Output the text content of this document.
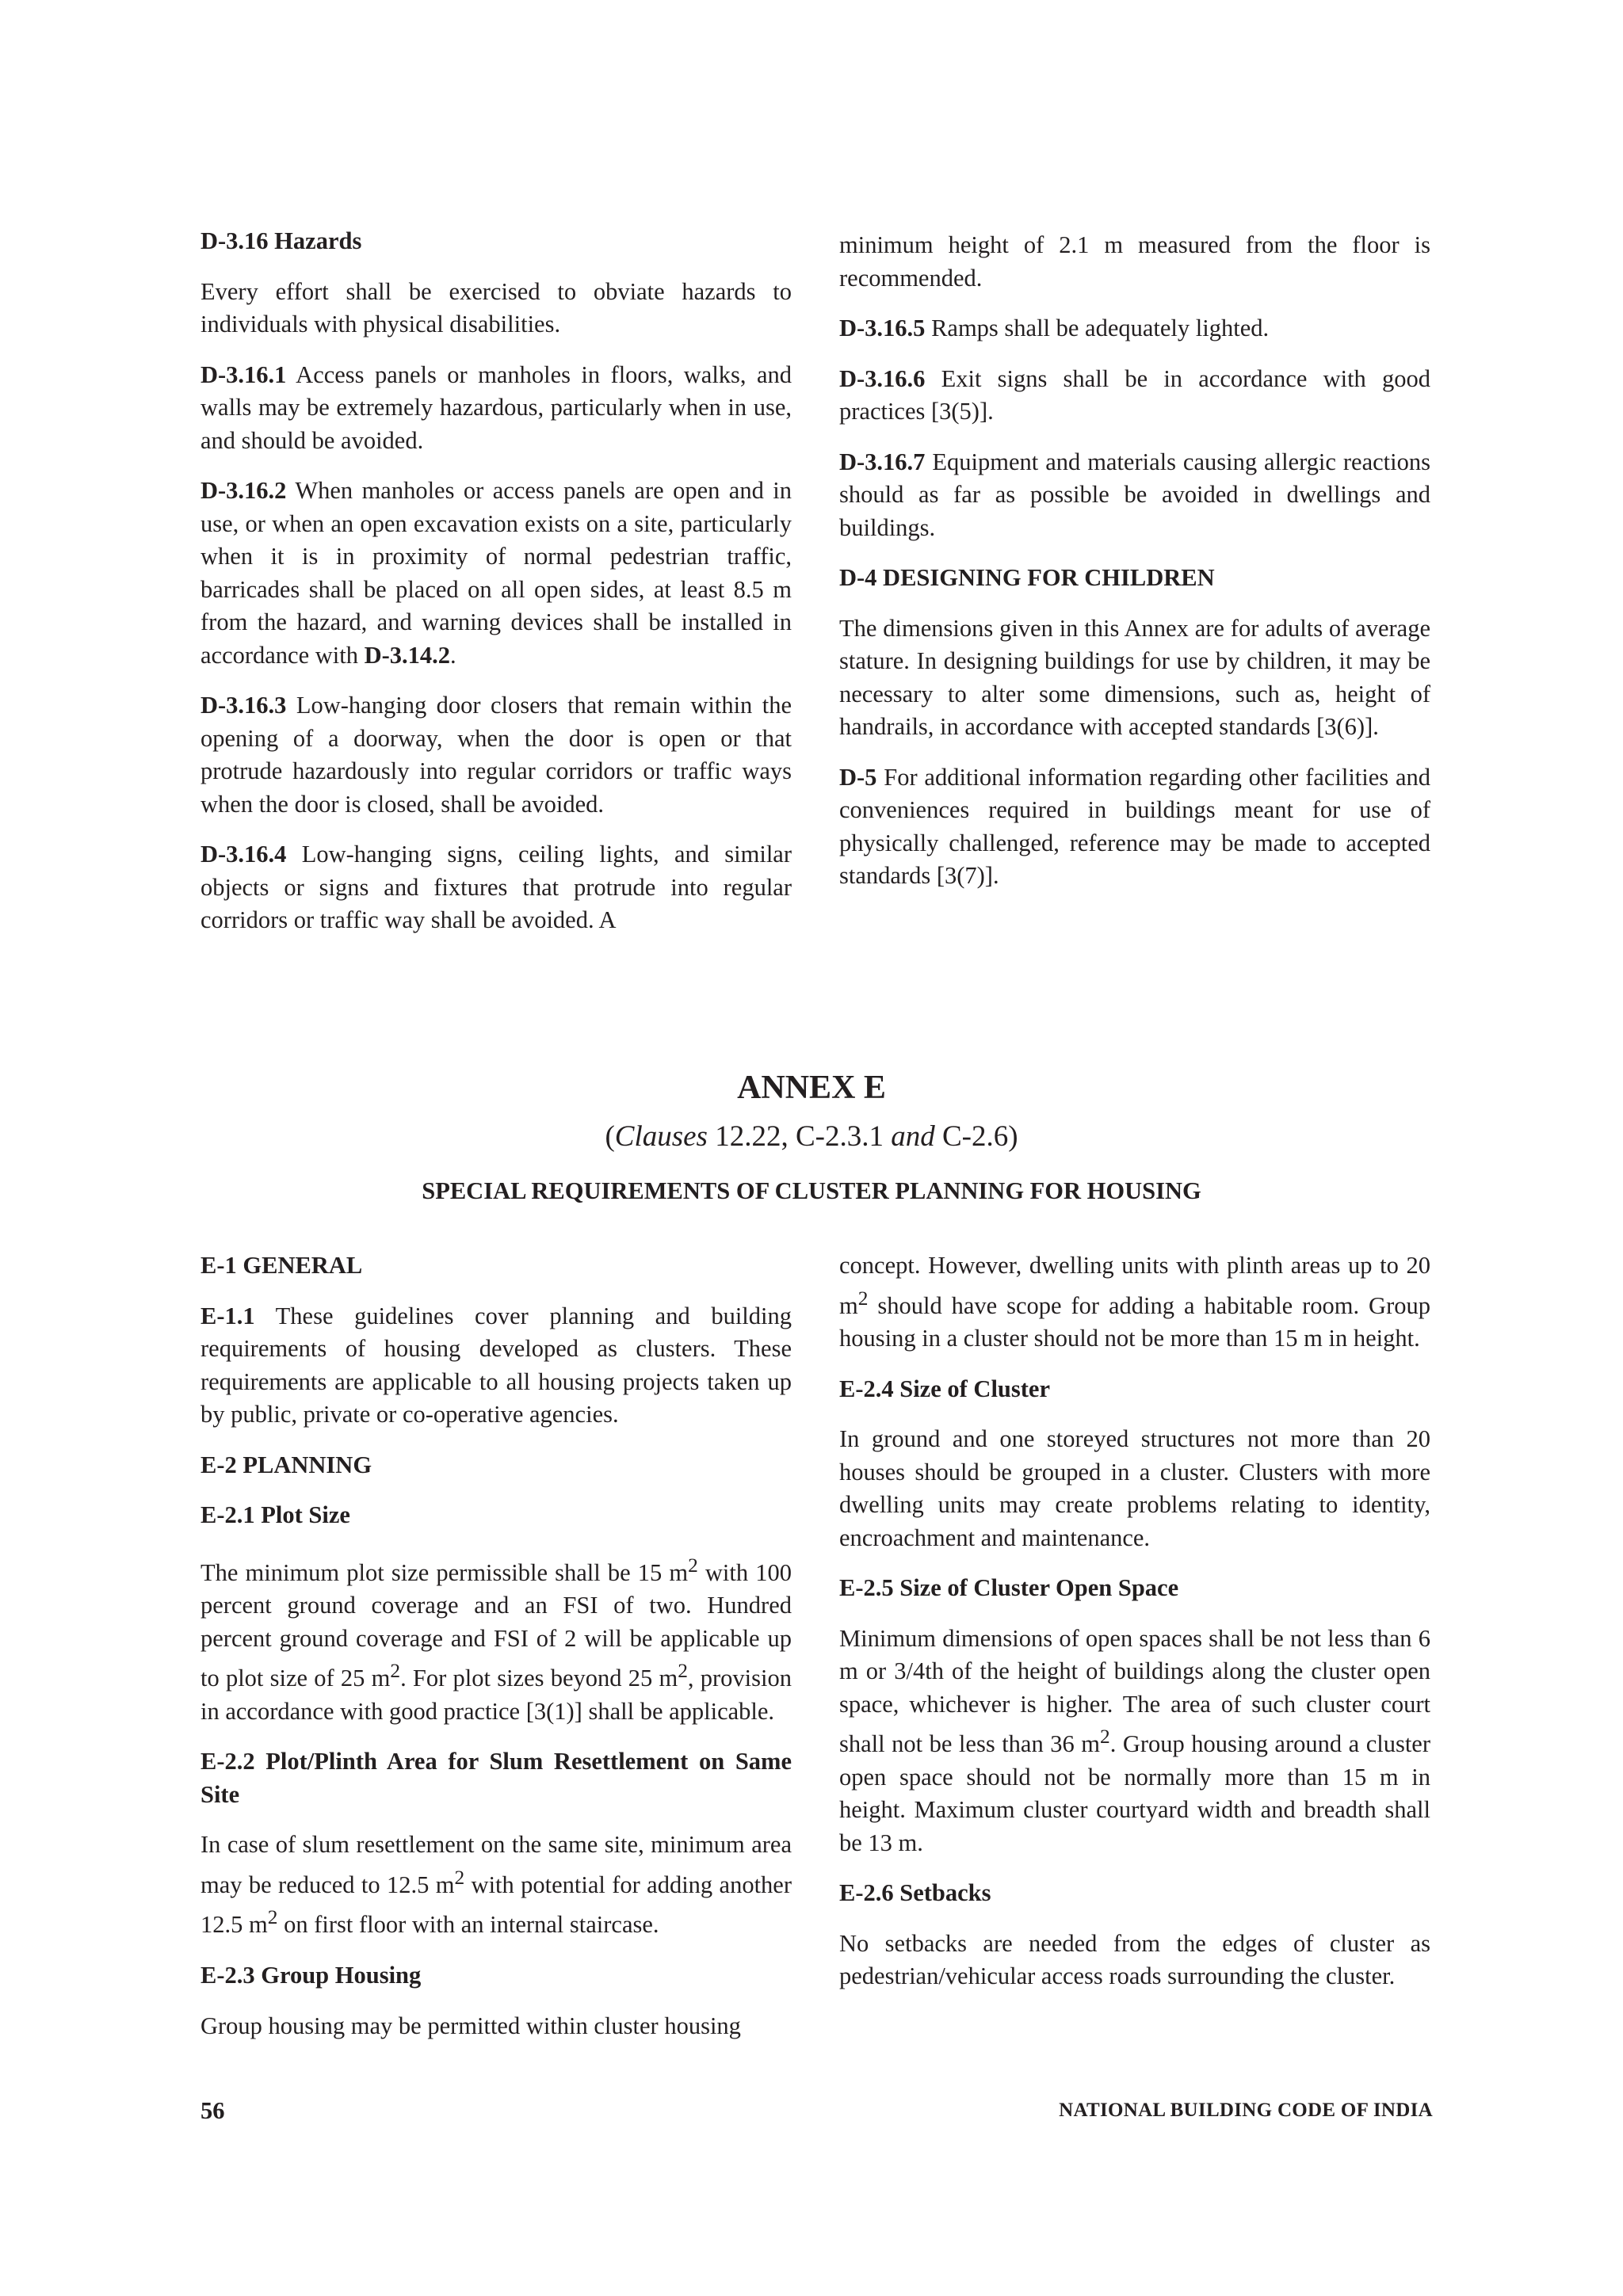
D-3.16 Hazards

Every effort shall be exercised to obviate hazards to individuals with physical disabilities.

D-3.16.1 Access panels or manholes in floors, walks, and walls may be extremely hazardous, particularly when in use, and should be avoided.

D-3.16.2 When manholes or access panels are open and in use, or when an open excavation exists on a site, particularly when it is in proximity of normal pedestrian traffic, barricades shall be placed on all open sides, at least 8.5 m from the hazard, and warning devices shall be installed in accordance with D-3.14.2.

D-3.16.3 Low-hanging door closers that remain within the opening of a doorway, when the door is open or that protrude hazardously into regular corridors or traffic ways when the door is closed, shall be avoided.

D-3.16.4 Low-hanging signs, ceiling lights, and similar objects or signs and fixtures that protrude into regular corridors or traffic way shall be avoided. A

minimum height of 2.1 m measured from the floor is recommended.

D-3.16.5 Ramps shall be adequately lighted.

D-3.16.6 Exit signs shall be in accordance with good practices [3(5)].

D-3.16.7 Equipment and materials causing allergic reactions should as far as possible be avoided in dwellings and buildings.

D-4 DESIGNING FOR CHILDREN

The dimensions given in this Annex are for adults of average stature. In designing buildings for use by children, it may be necessary to alter some dimensions, such as, height of handrails, in accordance with accepted standards [3(6)].

D-5 For additional information regarding other facilities and conveniences required in buildings meant for use of physically challenged, reference may be made to accepted standards [3(7)].

ANNEX E
(Clauses 12.22, C-2.3.1 and C-2.6)
SPECIAL REQUIREMENTS OF CLUSTER PLANNING FOR HOUSING

E-1 GENERAL

E-1.1 These guidelines cover planning and building requirements of housing developed as clusters. These requirements are applicable to all housing projects taken up by public, private or co-operative agencies.

E-2 PLANNING

E-2.1 Plot Size

The minimum plot size permissible shall be 15 $m^2$ with 100 percent ground coverage and an FSI of two. Hundred percent ground coverage and FSI of 2 will be applicable up to plot size of 25 $m^2$. For plot sizes beyond 25 $m^2$, provision in accordance with good practice [3(1)] shall be applicable.

E-2.2 Plot/Plinth Area for Slum Resettlement on Same Site

In case of slum resettlement on the same site, minimum area may be reduced to 12.5 $m^2$ with potential for adding another 12.5 $m^2$ on first floor with an internal staircase.

E-2.3 Group Housing

Group housing may be permitted within cluster housing

concept. However, dwelling units with plinth areas up to 20 $m^2$ should have scope for adding a habitable room. Group housing in a cluster should not be more than 15 m in height.

E-2.4 Size of Cluster

In ground and one storeyed structures not more than 20 houses should be grouped in a cluster. Clusters with more dwelling units may create problems relating to identity, encroachment and maintenance.

E-2.5 Size of Cluster Open Space

Minimum dimensions of open spaces shall be not less than 6 m or 3/4th of the height of buildings along the cluster open space, whichever is higher. The area of such cluster court shall not be less than 36 $m^2$. Group housing around a cluster open space should not be normally more than 15 m in height. Maximum cluster courtyard width and breadth shall be 13 m.

E-2.6 Setbacks

No setbacks are needed from the edges of cluster as pedestrian/vehicular access roads surrounding the cluster.

56	NATIONAL BUILDING CODE OF INDIA
